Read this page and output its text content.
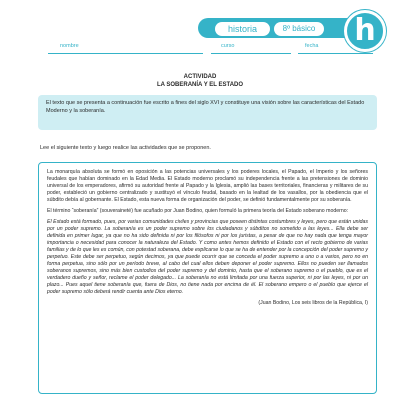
historia	8º básico	h
nombre	curso	fecha
ACTIVIDAD
LA SOBERANÍA Y EL ESTADO

El texto que se presenta a continuación fue escrito a fines del siglo XVI y constituye una visión sobre las características del Estado Moderno y la soberanía.

Lee el siguiente texto y luego realice las actividades que se proponen.

La monarquía absoluta se formó en oposición a las potencias universales y los poderes locales, el Papado, el Imperio y los señores feudales que habían dominado en la Edad Media. El Estado moderno proclamó su independencia frente a las pretensiones de dominio universal de los emperadores, afirmó su autoridad frente al Papado y la Iglesia, amplió las bases territoriales, financieras y militares de su poder, estableció un gobierno centralizado y sustituyó el vínculo feudal, basado en la lealtad de los vasallos, por la obediencia que el súbdito debía al gobernante. El Estado, esta nueva forma de organización del poder, se definió fundamentalmente por su soberanía.

El término “soberanía” (souveraineté) fue acuñado por Juan Bodino, quien formuló la primera teoría del Estado soberano moderno:

El Estado está formado, pues, por varias comunidades civiles y provincias que poseen distintas costumbres y leyes, pero que están unidas por un poder supremo. La soberanía es un poder supremo sobre los ciudadanos y súbditos no sometido a las leyes... Ella debe ser definida en primer lugar, ya que no ha sido definida ni por los filósofos ni por los juristas, a pesar de que no hay nada que tenga mayor importancia o necesidad para conocer la naturaleza del Estado. Y como antes hemos definido el Estado con el recto gobierno de varias familias y de lo que les es común, con potestad soberana, debe explicarse lo que se ha de entender por la concepción del poder supremo y perpetuo. Este debe ser perpetuo, según decimos, ya que puede ocurrir que se conceda el poder supremo a uno o a varios, pero no en forma perpetua, sino sólo por un período breve, al cabo del cual ellos deben deponer el poder supremo. Ellos no pueden ser llamados soberanos supremos, sino más bien custodios del poder supremo y del dominio, hasta que el soberano supremo o el pueblo, que es el verdadero dueño y señor, reclame el poder delegado... La soberanía no está limitada por una fuerza superior, ni por las leyes, ni por un plazo... Pues aquel tiene soberanía que, fuera de Dios, no tiene nada por encima de él. El soberano empero o el pueblo que ejerce el poder supremo sólo deberá rendir cuenta ante Dios eterno.

(Juan Bodino, Los seis libros de la República, I)
